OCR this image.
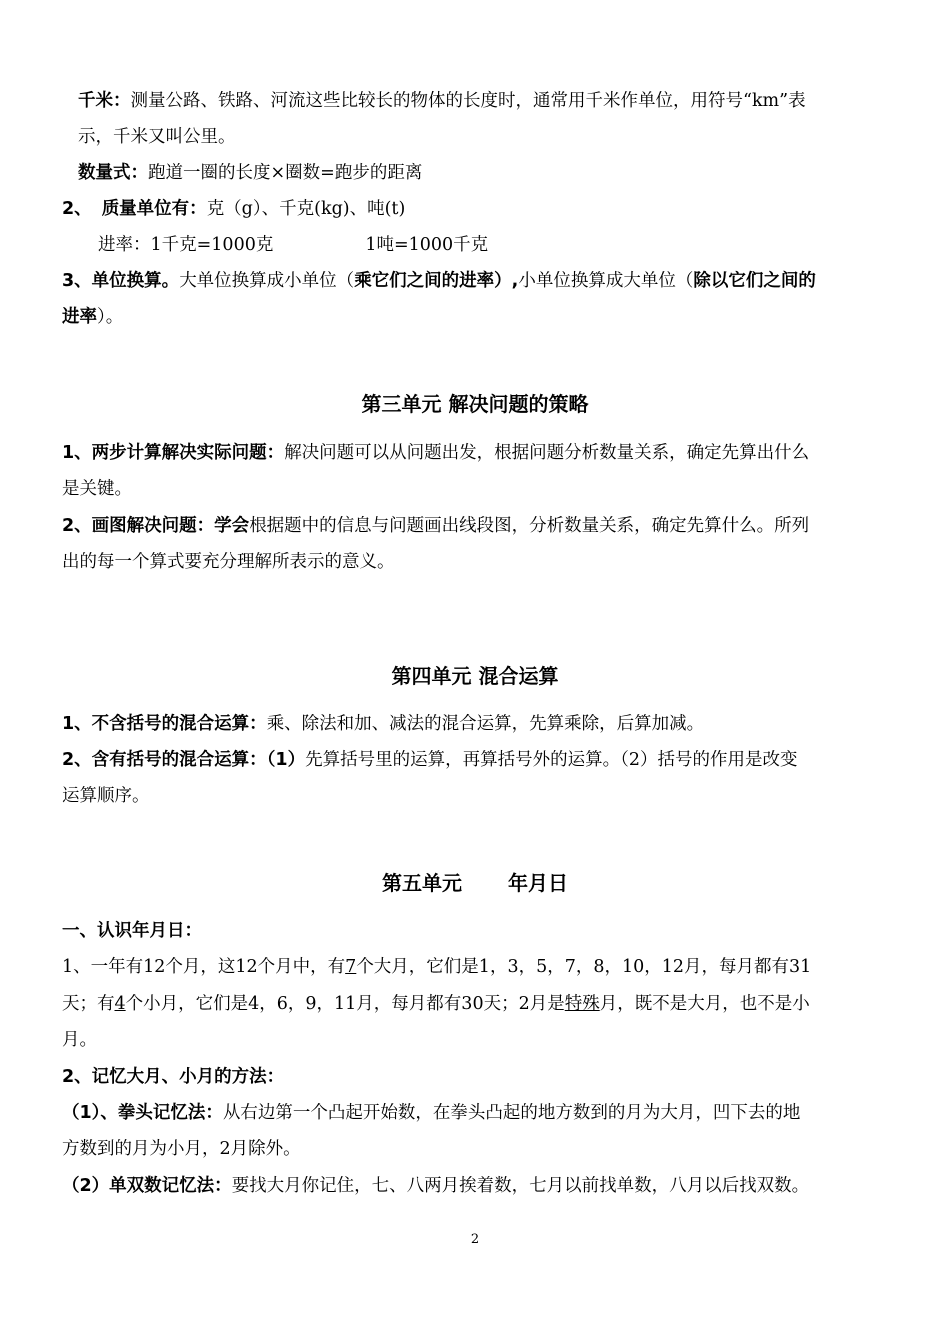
千米：测量公路、铁路、河流这些比较长的物体的长度时，通常用千米作单位，用符号“km”表
示，千米又叫公里。
数量式：跑道一圈的长度×圈数=跑步的距离
2、 质量单位有：克（g）、千克(kg)、吨(t)
进率：1千克=1000克	1吨=1000千克
3、单位换算。大单位换算成小单位（乘它们之间的进率）,小单位换算成大单位（除以它们之间的
进率）。
第三单元 解决问题的策略
1、两步计算解决实际问题：解决问题可以从问题出发，根据问题分析数量关系，确定先算出什么
是关键。
2、画图解决问题：学会根据题中的信息与问题画出线段图，分析数量关系，确定先算什么。所列
出的每一个算式要充分理解所表示的意义。
第四单元 混合运算
1、不含括号的混合运算：乘、除法和加、减法的混合运算，先算乘除，后算加减。
2、含有括号的混合运算：（1）先算括号里的运算，再算括号外的运算。（2）括号的作用是改变
运算顺序。
第五单元 年月日
一、认识年月日：
1、一年有12个月，这12个月中，有7个大月，它们是1，3，5，7，8，10，12月，每月都有31
天；有4个小月，它们是4，6，9，11月，每月都有30天；2月是特殊月，既不是大月，也不是小
月。
2、记忆大月、小月的方法：
（1）、拳头记忆法：从右边第一个凸起开始数，在拳头凸起的地方数到的月为大月，凹下去的地
方数到的月为小月，2月除外。
（2）单双数记忆法：要找大月你记住，七、八两月挨着数，七月以前找单数，八月以后找双数。
2
